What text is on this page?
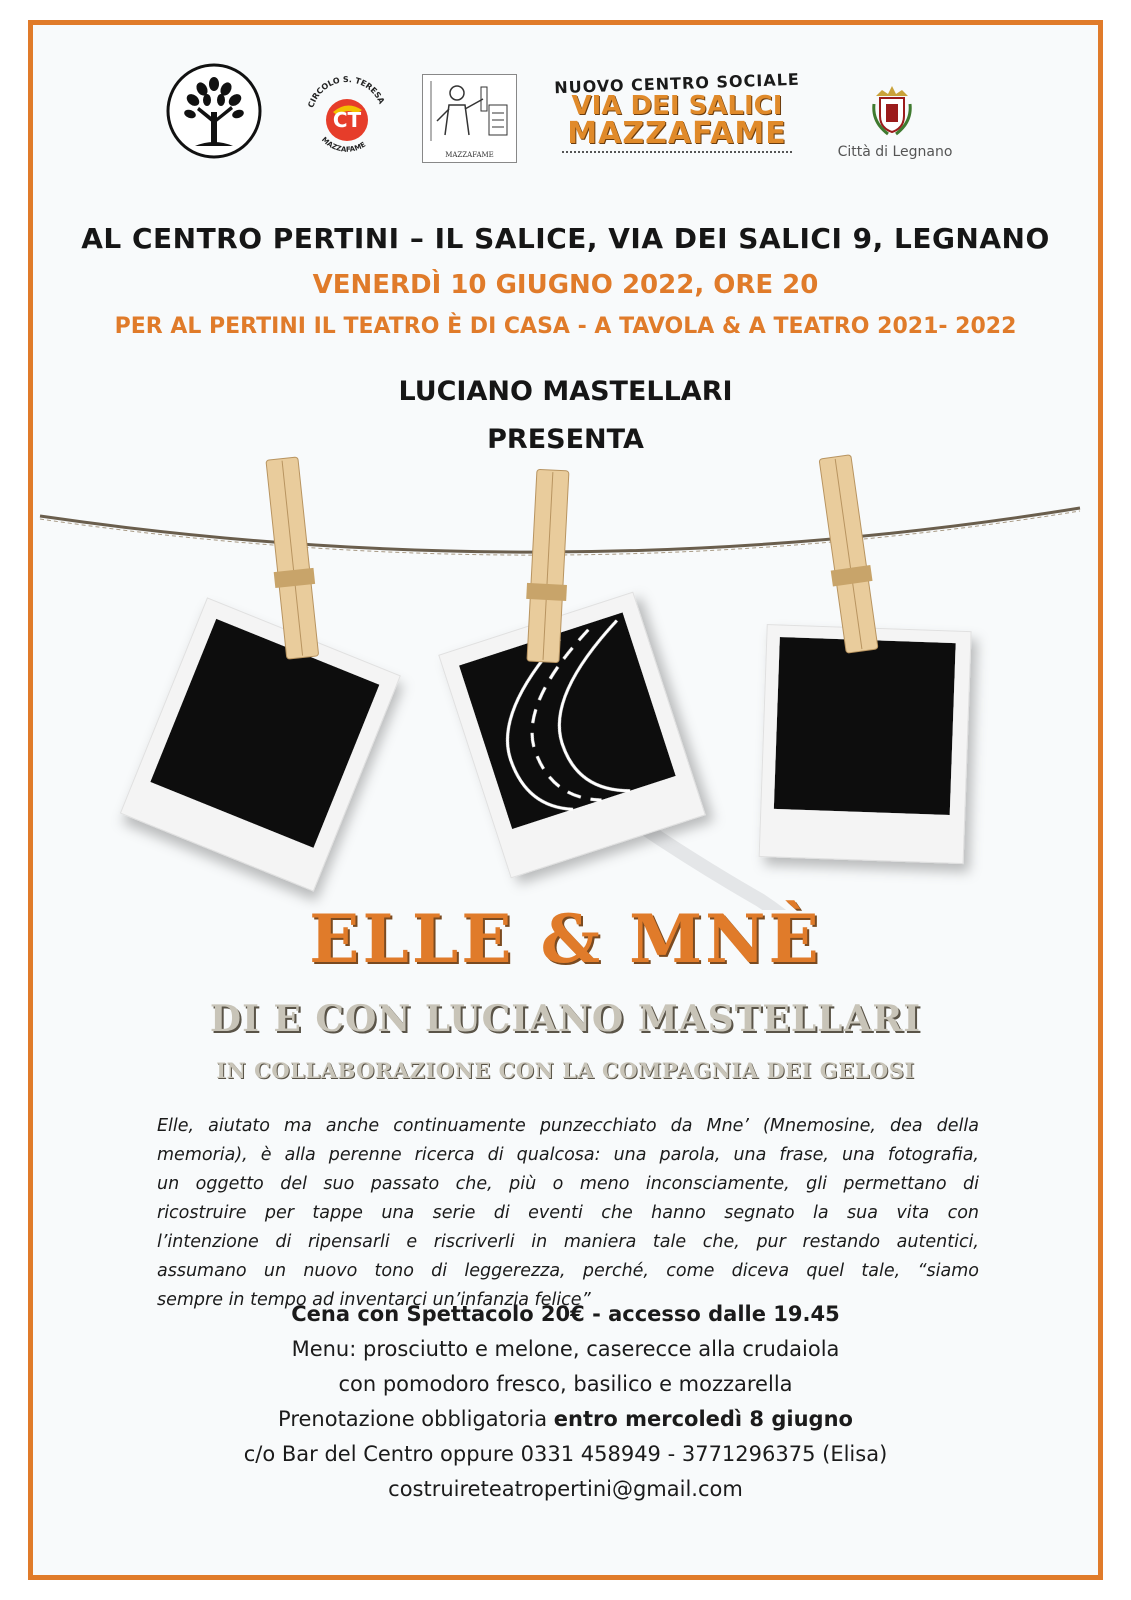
CIRCOLO S. TERESA
CT
MAZZAFAME
MAZZAFAME
NUOVO CENTRO SOCIALE
VIA DEI SALICI
MAZZAFAME
Città di Legnano
AL CENTRO PERTINI – IL SALICE, VIA DEI SALICI 9, LEGNANO
VENERDÌ 10 GIUGNO 2022, ORE 20
PER AL PERTINI IL TEATRO È DI CASA - A TAVOLA & A TEATRO 2021- 2022
LUCIANO MASTELLARI
PRESENTA
ELLE & MNÈ
DI E CON LUCIANO MASTELLARI
IN COLLABORAZIONE CON LA COMPAGNIA DEI GELOSI
Elle, aiutato ma anche continuamente punzecchiato da Mne’ (Mnemosine, dea della
memoria), è alla perenne ricerca di qualcosa: una parola, una frase, una fotografia,
un oggetto del suo passato che, più o meno inconsciamente, gli permettano di
ricostruire per tappe una serie di eventi che hanno segnato la sua vita con
l’intenzione di ripensarli e riscriverli in maniera tale che, pur restando autentici,
assumano un nuovo tono di leggerezza, perché, come diceva quel tale, “siamo
sempre in tempo ad inventarci un’infanzia felice”
Cena con Spettacolo 20€ - accesso dalle 19.45
Menu: prosciutto e melone, caserecce alla crudaiola
con pomodoro fresco, basilico e mozzarella
Prenotazione obbligatoria entro mercoledì 8 giugno
c/o Bar del Centro oppure 0331 458949 - 3771296375 (Elisa)
costruireteatropertini@gmail.com
